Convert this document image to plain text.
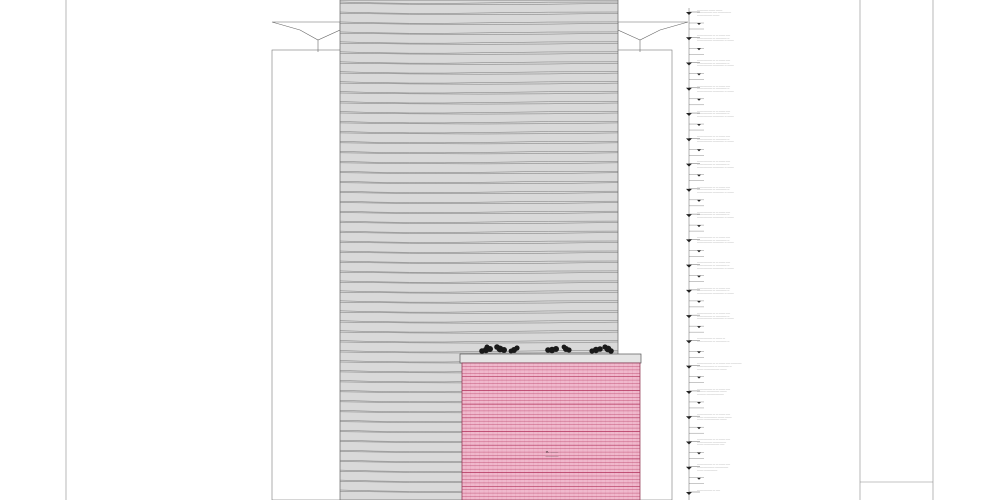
PL. ———
—————
————— ——— ———
——————— —— ——————
——————— ———
——————— — — ——— ——
——————— — ————— —
——————— ————— — ———
——————— — — ——— ——
——————— — ————— —
——————— ————— — ———
——————— — — ——— ——
——————— — ————— —
——————— ————— — ———
——————— — — ——— ——
——————— — ————— —
——————— ————— — ———
——————— — — ——— ——
——————— — ————— —
——————— ————— — ———
——————— — — ——— ——
——————— — ————— —
——————— ————— — ———
——————— — — ——— ——
——————— — ————— —
——————— ————— — ———
——————— — — ——— ——
——————— — ————— —
——————— ————— — ———
——————— — — ——— ——
——————— — ————— —
——————— ————— — ———
——————— — — ——— ——
——————— — ————— —
——————— ————— — ———
——————— — — ——— ——
——————— — ————— —
——————— ————— — ———
——————— — — ——— ——
——————— — ————— —
——————— ————— — ———
——————— — ——— —
——————— — ————— —
——————— — — ——— —— —————
———————— — ————— —
——— ——————— ———
——————— — — ——— ——
———— —————— ———
———— ————————
——————— — — ——— ——
——— —————— ——— ———
——— ——————— ———
——————— — — ——— ——
——————— ——————
——— ——————— ——
——————— — — ——— ——
———————— ——————
——— ——————
——————— — ——
